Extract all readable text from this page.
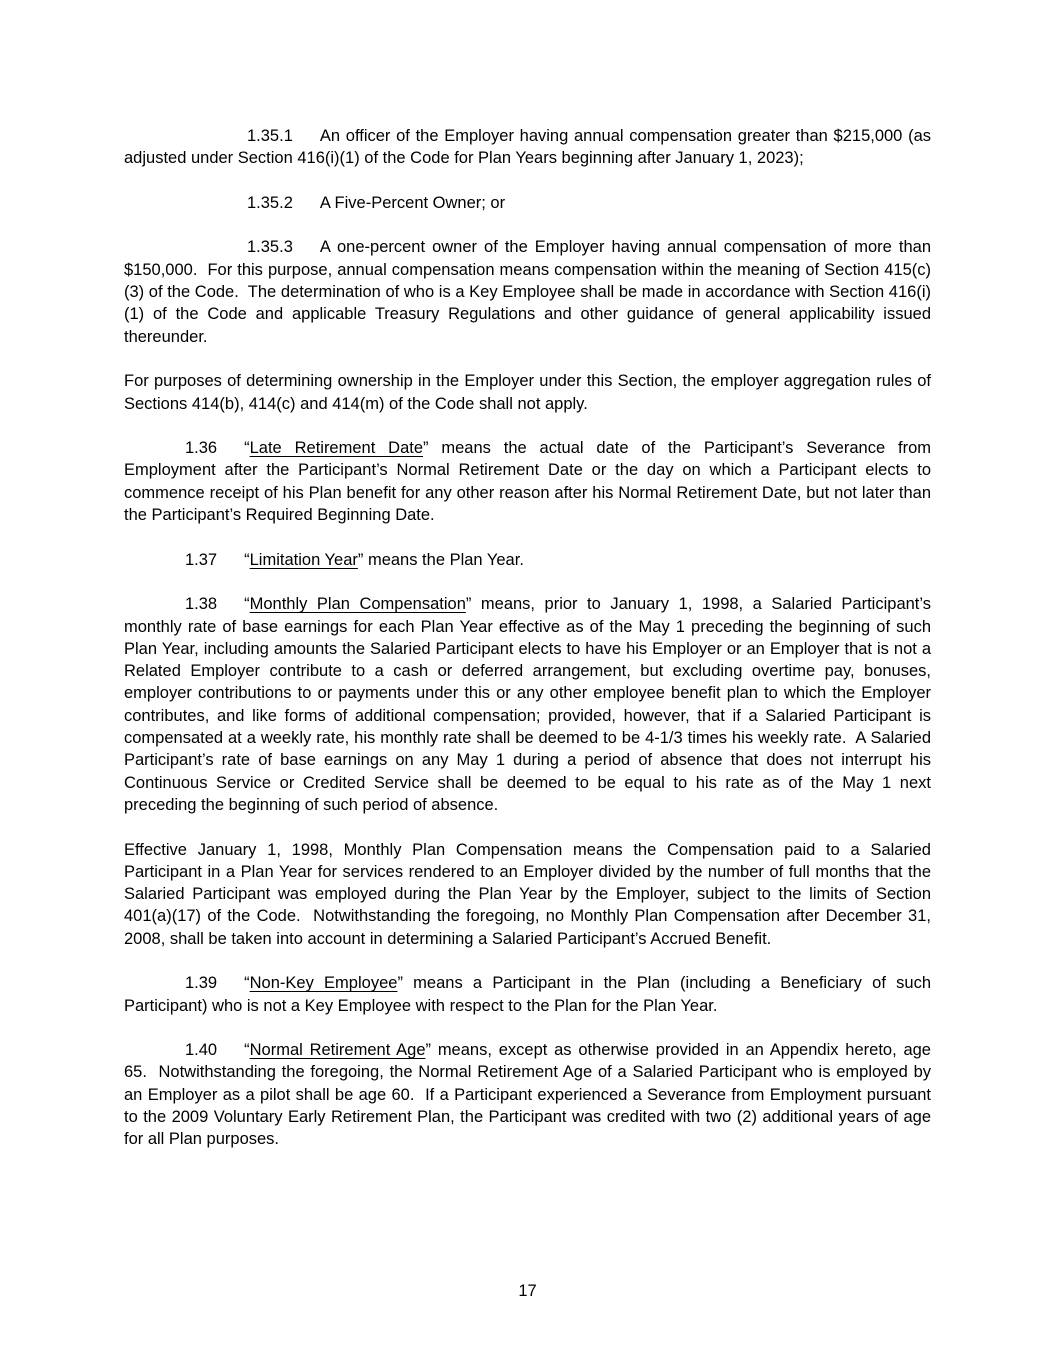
1.35.1 An officer of the Employer having annual compensation greater than $215,000 (as adjusted under Section 416(i)(1) of the Code for Plan Years beginning after January 1, 2023);

1.35.2 A Five-Percent Owner; or

1.35.3 A one-percent owner of the Employer having annual compensation of more than $150,000.  For this purpose, annual compensation means compensation within the meaning of Section 415(c)(3) of the Code.  The determination of who is a Key Employee shall be made in accordance with Section 416(i)(1) of the Code and applicable Treasury Regulations and other guidance of general applicability issued thereunder.

For purposes of determining ownership in the Employer under this Section, the employer aggregation rules of Sections 414(b), 414(c) and 414(m) of the Code shall not apply.

1.36 “Late Retirement Date” means the actual date of the Participant’s Severance from Employment after the Participant’s Normal Retirement Date or the day on which a Participant elects to commence receipt of his Plan benefit for any other reason after his Normal Retirement Date, but not later than the Participant’s Required Beginning Date.

1.37 “Limitation Year” means the Plan Year.

1.38 “Monthly Plan Compensation” means, prior to January 1, 1998, a Salaried Participant’s monthly rate of base earnings for each Plan Year effective as of the May 1 preceding the beginning of such Plan Year, including amounts the Salaried Participant elects to have his Employer or an Employer that is not a Related Employer contribute to a cash or deferred arrangement, but excluding overtime pay, bonuses, employer contributions to or payments under this or any other employee benefit plan to which the Employer contributes, and like forms of additional compensation; provided, however, that if a Salaried Participant is compensated at a weekly rate, his monthly rate shall be deemed to be 4-1/3 times his weekly rate.  A Salaried Participant’s rate of base earnings on any May 1 during a period of absence that does not interrupt his Continuous Service or Credited Service shall be deemed to be equal to his rate as of the May 1 next preceding the beginning of such period of absence.

Effective January 1, 1998, Monthly Plan Compensation means the Compensation paid to a Salaried Participant in a Plan Year for services rendered to an Employer divided by the number of full months that the Salaried Participant was employed during the Plan Year by the Employer, subject to the limits of Section 401(a)(17) of the Code.  Notwithstanding the foregoing, no Monthly Plan Compensation after December 31, 2008, shall be taken into account in determining a Salaried Participant’s Accrued Benefit.

1.39 “Non-Key Employee” means a Participant in the Plan (including a Beneficiary of such Participant) who is not a Key Employee with respect to the Plan for the Plan Year.

1.40 “Normal Retirement Age” means, except as otherwise provided in an Appendix hereto, age 65.  Notwithstanding the foregoing, the Normal Retirement Age of a Salaried Participant who is employed by an Employer as a pilot shall be age 60.  If a Participant experienced a Severance from Employment pursuant to the 2009 Voluntary Early Retirement Plan, the Participant was credited with two (2) additional years of age for all Plan purposes.

17
